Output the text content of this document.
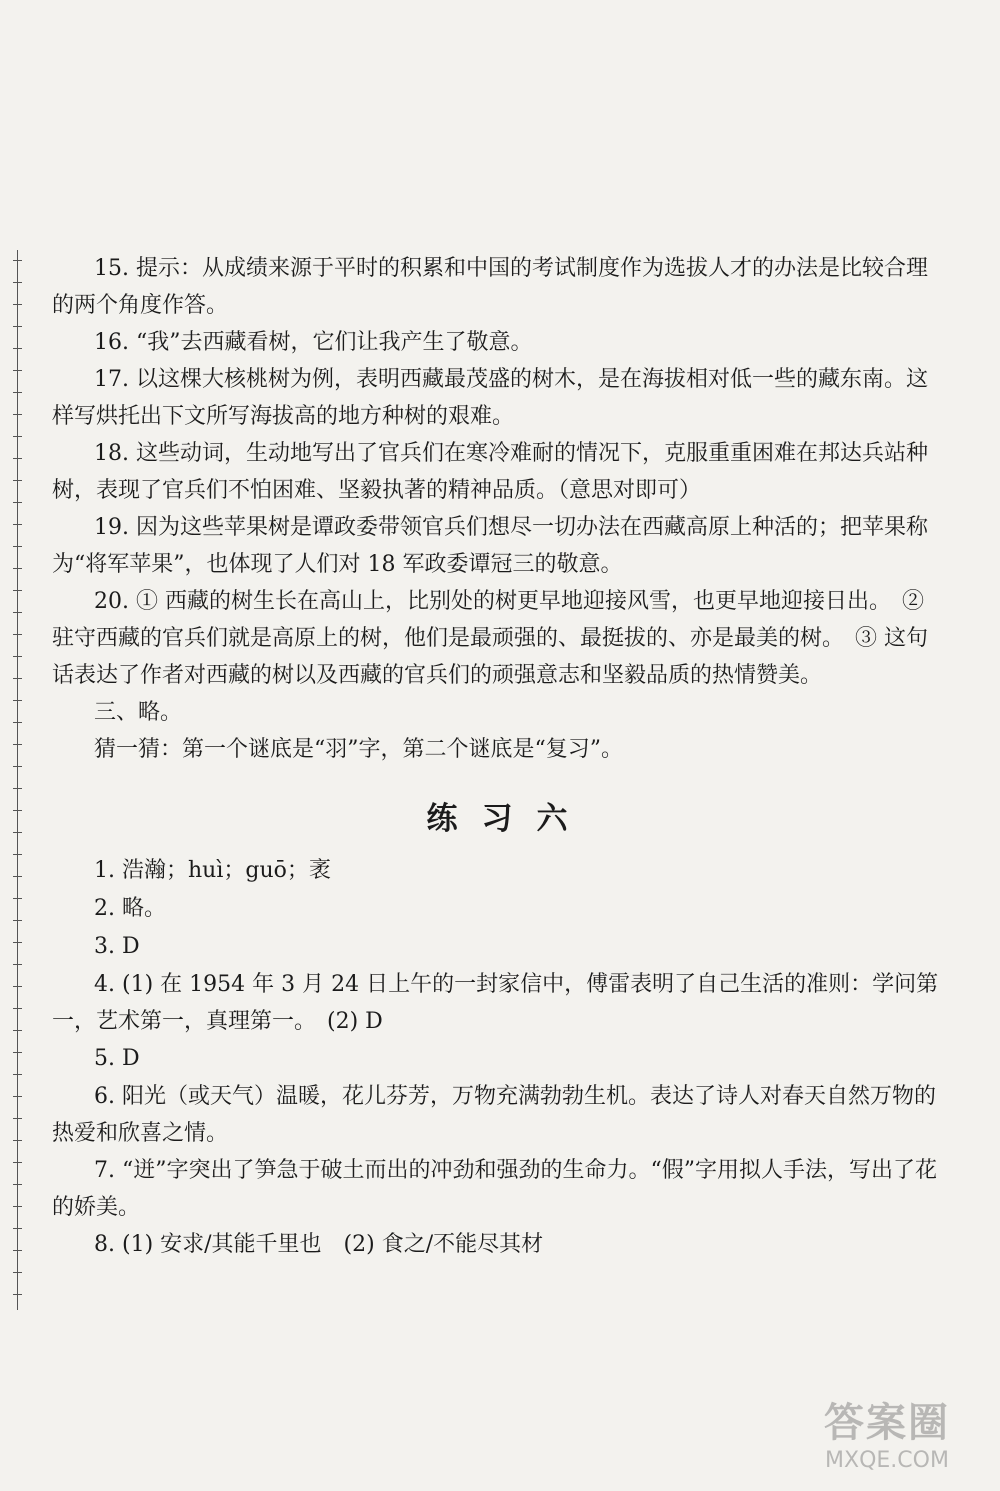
15. 提示：从成绩来源于平时的积累和中国的考试制度作为选拔人才的办法是比较合理的两个角度作答。

16. “我”去西藏看树，它们让我产生了敬意。

17. 以这棵大核桃树为例，表明西藏最茂盛的树木，是在海拔相对低一些的藏东南。这样写烘托出下文所写海拔高的地方种树的艰难。

18. 这些动词，生动地写出了官兵们在寒冷难耐的情况下，克服重重困难在邦达兵站种树，表现了官兵们不怕困难、坚毅执著的精神品质。（意思对即可）

19. 因为这些苹果树是谭政委带领官兵们想尽一切办法在西藏高原上种活的；把苹果称为“将军苹果”，也体现了人们对 18 军政委谭冠三的敬意。

20. ① 西藏的树生长在高山上，比别处的树更早地迎接风雪，也更早地迎接日出。　② 驻守西藏的官兵们就是高原上的树，他们是最顽强的、最挺拔的、亦是最美的树。　③ 这句话表达了作者对西藏的树以及西藏的官兵们的顽强意志和坚毅品质的热情赞美。

三、略。

猜一猜：第一个谜底是“羽”字，第二个谜底是“复习”。

练习六

1. 浩瀚；huì；guō；袤

2. 略。

3. D

4. (1) 在 1954 年 3 月 24 日上午的一封家信中，傅雷表明了自己生活的准则：学问第一，艺术第一，真理第一。　(2) D

5. D

6. 阳光（或天气）温暖，花儿芬芳，万物充满勃勃生机。表达了诗人对春天自然万物的热爱和欣喜之情。

7. “迸”字突出了笋急于破土而出的冲劲和强劲的生命力。“假”字用拟人手法，写出了花的娇美。

8. (1) 安求/其能千里也　(2) 食之/不能尽其材

答案圈
MXQE.COM
